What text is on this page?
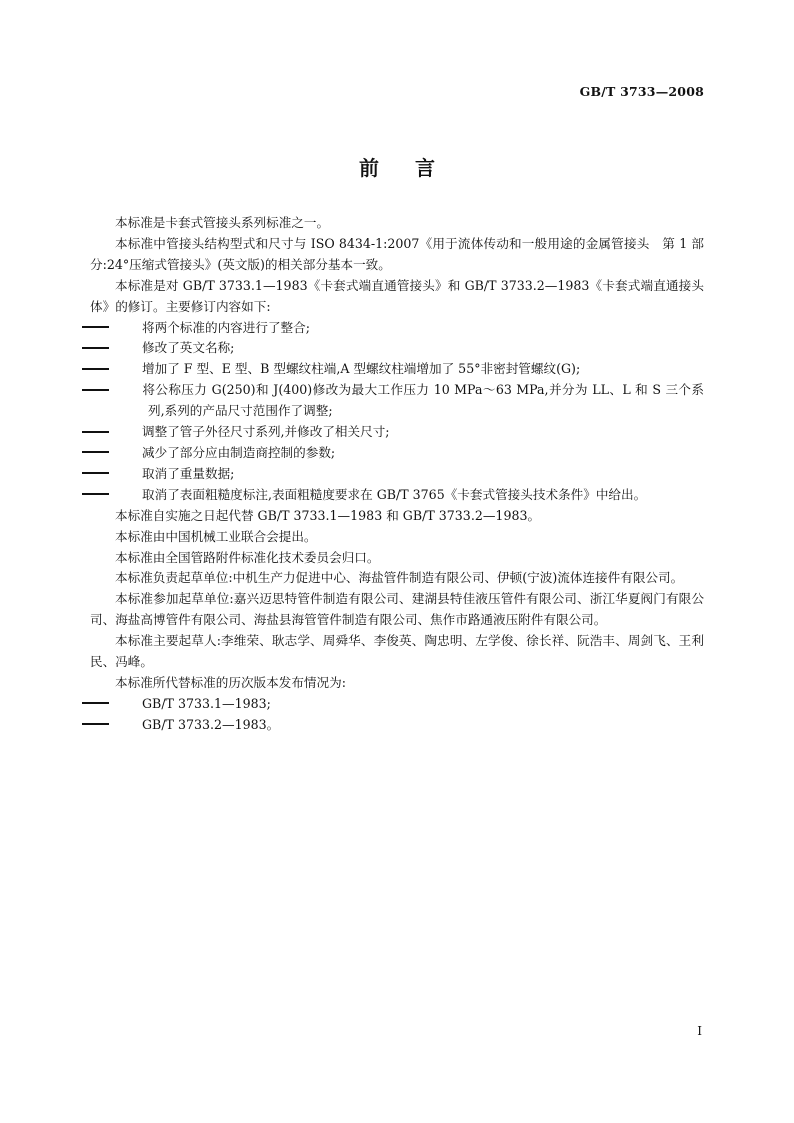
GB/T 3733—2008
前言

本标准是卡套式管接头系列标准之一。

本标准中管接头结构型式和尺寸与 ISO 8434-1:2007《用于流体传动和一般用途的金属管接头　第 1 部分:24°压缩式管接头》(英文版)的相关部分基本一致。

本标准是对 GB/T 3733.1—1983《卡套式端直通管接头》和 GB/T 3733.2—1983《卡套式端直通接头体》的修订。主要修订内容如下:

将两个标准的内容进行了整合;

修改了英文名称;

增加了 F 型、E 型、B 型螺纹柱端,A 型螺纹柱端增加了 55°非密封管螺纹(G);

将公称压力 G(250)和 J(400)修改为最大工作压力 10 MPa～63 MPa,并分为 LL、L 和 S 三个系列,系列的产品尺寸范围作了调整;

调整了管子外径尺寸系列,并修改了相关尺寸;

减少了部分应由制造商控制的参数;

取消了重量数据;

取消了表面粗糙度标注,表面粗糙度要求在 GB/T 3765《卡套式管接头技术条件》中给出。

本标准自实施之日起代替 GB/T 3733.1—1983 和 GB/T 3733.2—1983。

本标准由中国机械工业联合会提出。

本标准由全国管路附件标准化技术委员会归口。

本标准负责起草单位:中机生产力促进中心、海盐管件制造有限公司、伊顿(宁波)流体连接件有限公司。

本标准参加起草单位:嘉兴迈思特管件制造有限公司、建湖县特佳液压管件有限公司、浙江华夏阀门有限公司、海盐高博管件有限公司、海盐县海管管件制造有限公司、焦作市路通液压附件有限公司。

本标准主要起草人:李维荣、耿志学、周舜华、李俊英、陶忠明、左学俊、徐长祥、阮浩丰、周剑飞、王利民、冯峰。

本标准所代替标准的历次版本发布情况为:

GB/T 3733.1—1983;

GB/T 3733.2—1983。

I
